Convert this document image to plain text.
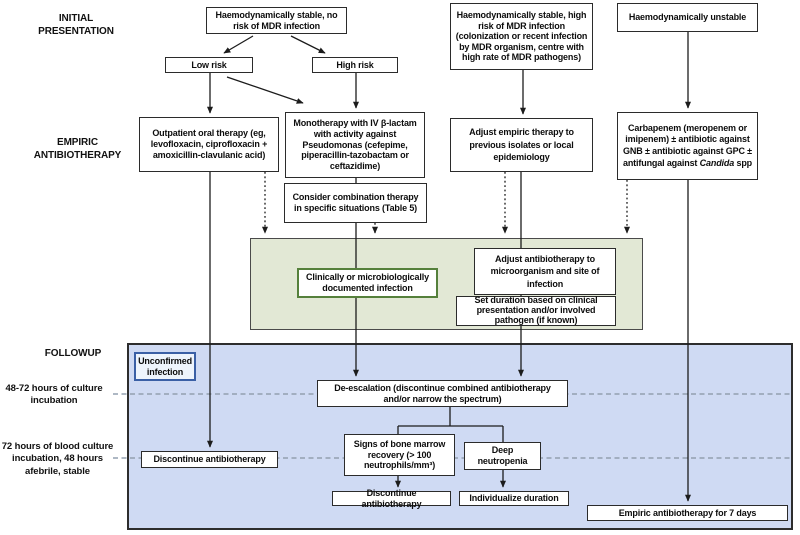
INITIAL PRESENTATION
EMPIRIC ANTIBIOTHERAPY
FOLLOWUP
48-72 hours of culture incubation
72 hours of blood culture incubation, 48 hours afebrile, stable
Haemodynamically stable, no risk of MDR infection
Haemodynamically stable, high risk of MDR infection (colonization or recent infection by MDR organism, centre with high rate of MDR pathogens)
Haemodynamically unstable
Low risk	High risk
Outpatient oral therapy (eg, levofloxacin, ciprofloxacin + amoxicillin-clavulanic acid)
Monotherapy with IV β-lactam with activity against Pseudomonas (cefepime, piperacillin-tazobactam or ceftazidime)
Consider combination therapy in specific situations (Table 5)
Adjust empiric therapy to previous isolates or local epidemiology
Carbapenem (meropenem or imipenem) ± antibiotic against GNB ± antibiotic against GPC ± antifungal against Candida spp
Clinically or microbiologically documented infection
Adjust antibiotherapy to microorganism and site of infection
Set duration based on clinical presentation and/or involved pathogen (if known)
Unconfirmed infection
De-escalation (discontinue combined antibiotherapy and/or narrow the spectrum)
Discontinue antibiotherapy
Signs of bone marrow recovery (> 100 neutrophils/mm³)
Deep neutropenia
Discontinue antibiotherapy
Individualize duration
Empiric antibiotherapy for 7 days
